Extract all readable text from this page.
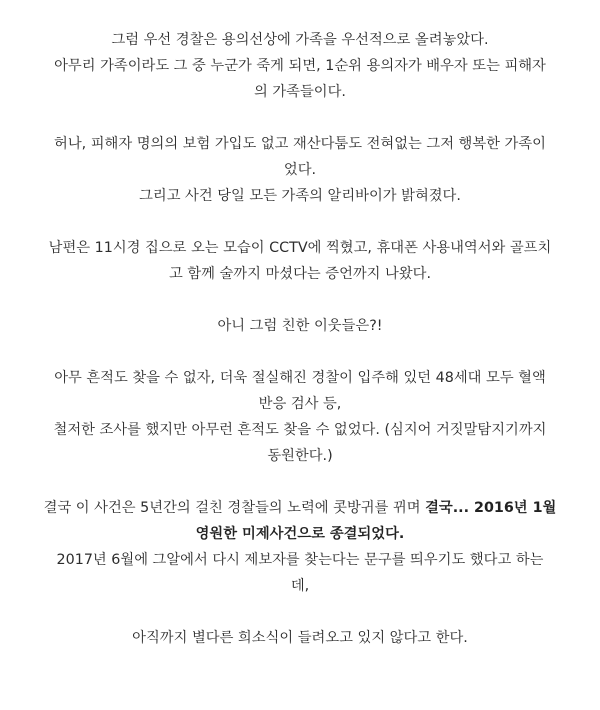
그럼 우선 경찰은 용의선상에 가족을 우선적으로 올려놓았다.
아무리 가족이라도 그 중 누군가 죽게 되면, 1순위 용의자가 배우자 또는 피해자
의 가족들이다.
허나, 피해자 명의의 보험 가입도 없고 재산다툼도 전혀없는 그저 행복한 가족이
었다.
그리고 사건 당일 모든 가족의 알리바이가 밝혀졌다.
남편은 11시경 집으로 오는 모습이 CCTV에 찍혔고, 휴대폰 사용내역서와 골프치
고 함께 술까지 마셨다는 증언까지 나왔다.
아니 그럼 친한 이웃들은?!
아무 흔적도 찾을 수 없자, 더욱 절실해진 경찰이 입주해 있던 48세대 모두 혈액
반응 검사 등,
철저한 조사를 했지만 아무런 흔적도 찾을 수 없었다. (심지어 거짓말탐지기까지
동원한다.)
결국 이 사건은 5년간의 걸친 경찰들의 노력에 콧방귀를 뀌며 결국... 2016년 1월
영원한 미제사건으로 종결되었다.
2017년 6월에 그알에서 다시 제보자를 찾는다는 문구를 띄우기도 했다고 하는
데,
아직까지 별다른 희소식이 들려오고 있지 않다고 한다.
